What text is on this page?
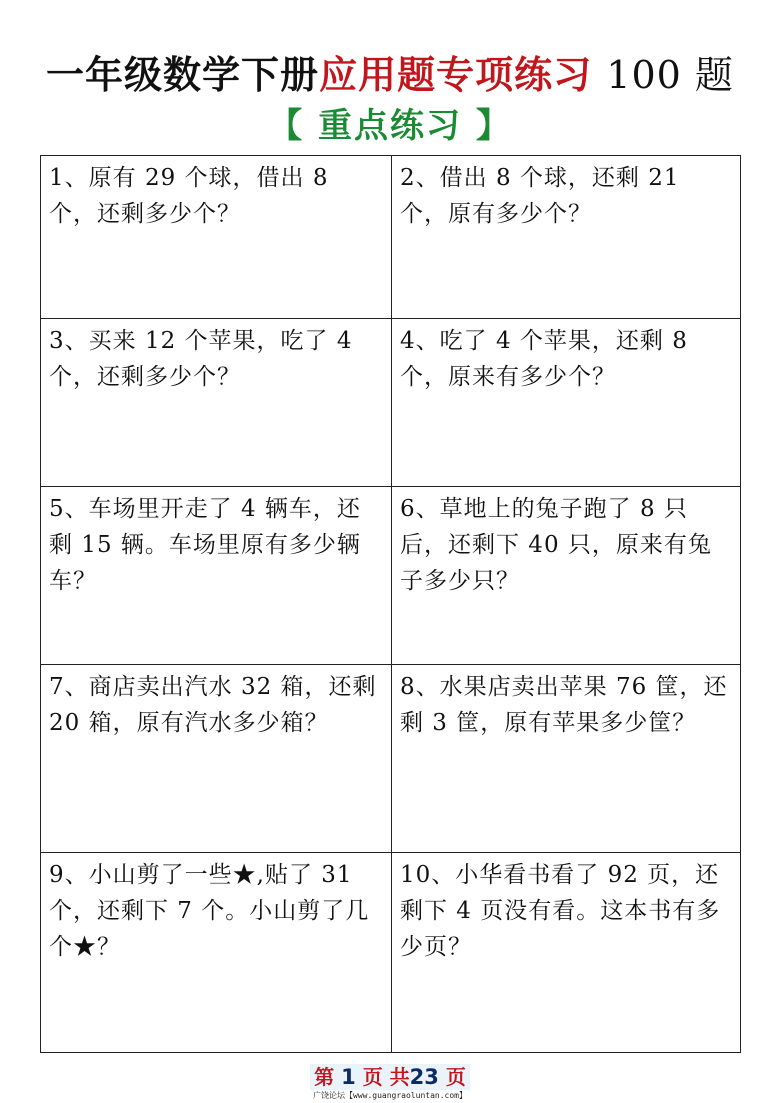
一年级数学下册应用题专项练习 100 题
【 重点练习 】
1、原有 29 个球，借出 8 个，还剩多少个？
2、借出 8 个球，还剩 21 个，原有多少个？
3、买来 12 个苹果，吃了 4 个，还剩多少个？
4、吃了 4 个苹果，还剩 8 个，原来有多少个？
5、车场里开走了 4 辆车，还剩 15 辆。车场里原有多少辆车？
6、草地上的兔子跑了 8 只后，还剩下 40 只，原来有兔子多少只？
7、商店卖出汽水 32 箱，还剩 20 箱，原有汽水多少箱？
8、水果店卖出苹果 76 筐，还剩 3 筐，原有苹果多少筐？
9、小山剪了一些★,贴了 31 个，还剩下 7 个。小山剪了几个★？
10、小华看书看了 92 页，还剩下 4 页没有看。这本书有多少页？
第 1 页 共23 页
广饶论坛【www.guangraoluntan.com】
